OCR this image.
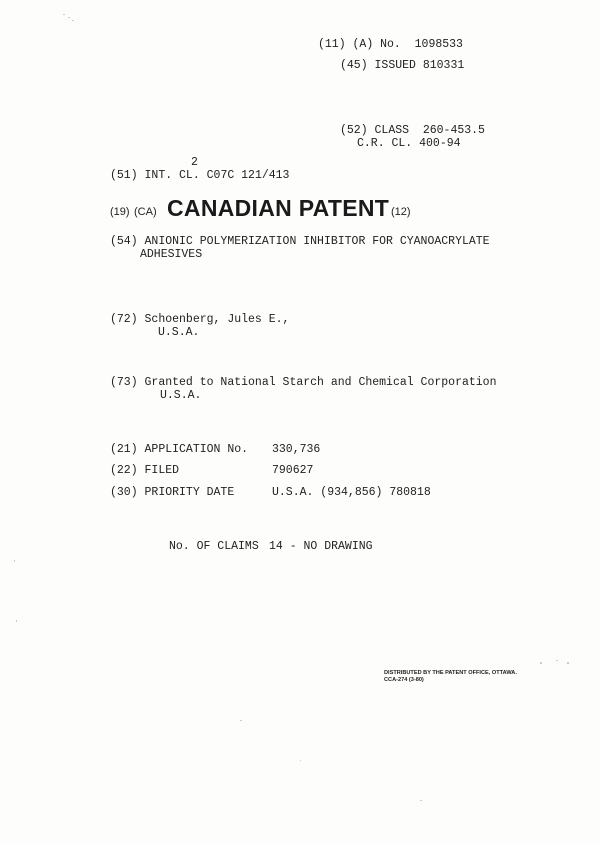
(11) (A) No. 1098533
(45) ISSUED 810331
(52) CLASS 260-453.5
C.R. CL. 400-94
2
(51) INT. CL. C07C 121/413
(19) (CA) CANADIAN PATENT (12)
(54) ANIONIC POLYMERIZATION INHIBITOR FOR CYANOACRYLATE
ADHESIVES
(72) Schoenberg, Jules E.,
U.S.A.
(73) Granted to National Starch and Chemical Corporation
U.S.A.
(21) APPLICATION No. 330,736
(22) FILED	790627
(30) PRIORITY DATE	U.S.A. (934,856) 780818
No. OF CLAIMS 14 - NO DRAWING
DISTRIBUTED BY THE PATENT OFFICE, OTTAWA.
CCA-274 (3-80)
